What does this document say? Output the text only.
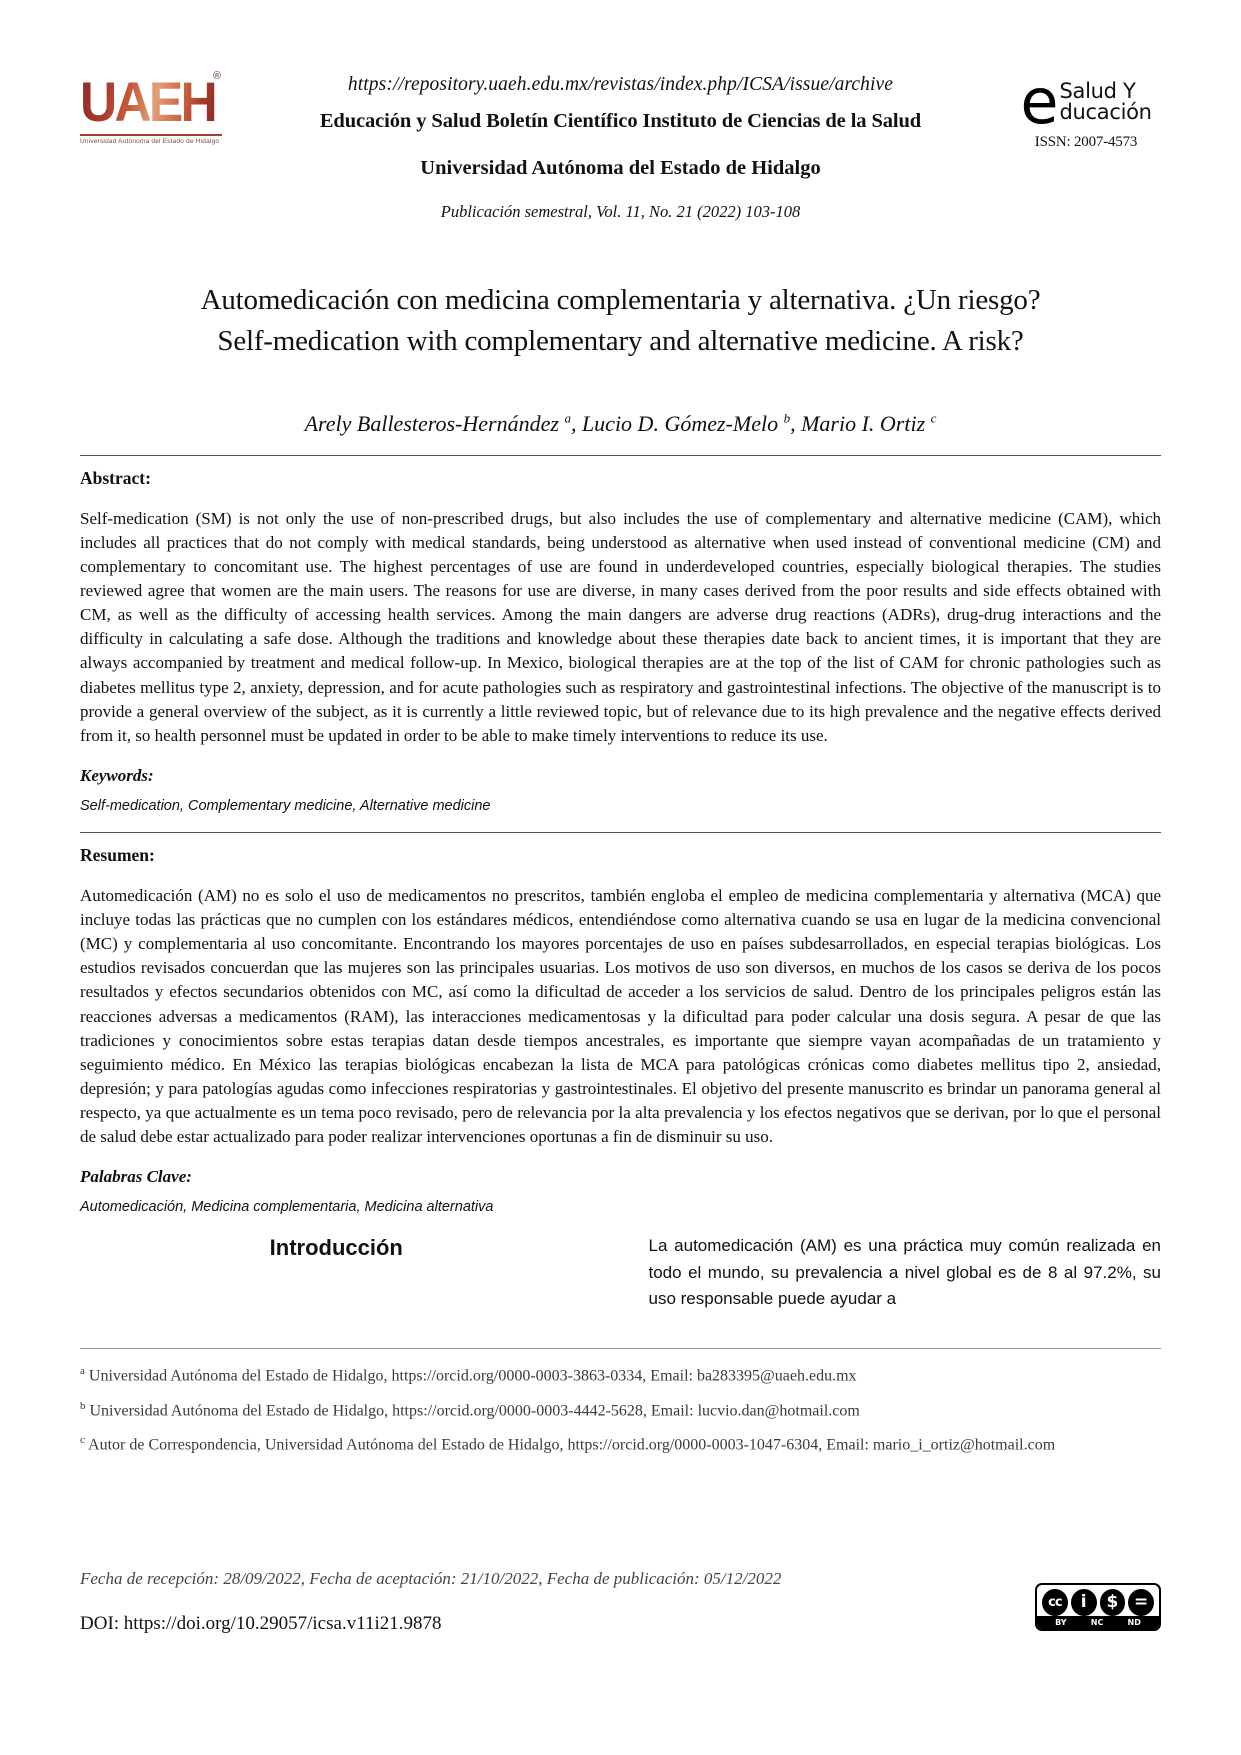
UAEH
®
Universidad Autónoma del Estado de Hidalgo
https://repository.uaeh.edu.mx/revistas/index.php/ICSA/issue/archive
Educación y Salud Boletín Científico Instituto de Ciencias de la Salud
Universidad Autónoma del Estado de Hidalgo
Publicación semestral, Vol. 11, No. 21 (2022) 103-108
e Salud Y
ducación
ISSN: 2007-4573
Automedicación con medicina complementaria y alternativa. ¿Un riesgo?
Self-medication with complementary and alternative medicine. A risk?
Arely Ballesteros-Hernández $^a$, Lucio D. Gómez-Melo $^b$, Mario I. Ortiz $^c$
Abstract:
Self-medication (SM) is not only the use of non-prescribed drugs, but also includes the use of complementary and alternative medicine (CAM), which includes all practices that do not comply with medical standards, being understood as alternative when used instead of conventional medicine (CM) and complementary to concomitant use. The highest percentages of use are found in underdeveloped countries, especially biological therapies. The studies reviewed agree that women are the main users. The reasons for use are diverse, in many cases derived from the poor results and side effects obtained with CM, as well as the difficulty of accessing health services. Among the main dangers are adverse drug reactions (ADRs), drug-drug interactions and the difficulty in calculating a safe dose. Although the traditions and knowledge about these therapies date back to ancient times, it is important that they are always accompanied by treatment and medical follow-up. In Mexico, biological therapies are at the top of the list of CAM for chronic pathologies such as diabetes mellitus type 2, anxiety, depression, and for acute pathologies such as respiratory and gastrointestinal infections. The objective of the manuscript is to provide a general overview of the subject, as it is currently a little reviewed topic, but of relevance due to its high prevalence and the negative effects derived from it, so health personnel must be updated in order to be able to make timely interventions to reduce its use.
Keywords:
Self-medication, Complementary medicine, Alternative medicine
Resumen:
Automedicación (AM) no es solo el uso de medicamentos no prescritos, también engloba el empleo de medicina complementaria y alternativa (MCA) que incluye todas las prácticas que no cumplen con los estándares médicos, entendiéndose como alternativa cuando se usa en lugar de la medicina convencional (MC) y complementaria al uso concomitante. Encontrando los mayores porcentajes de uso en países subdesarrollados, en especial terapias biológicas. Los estudios revisados concuerdan que las mujeres son las principales usuarias. Los motivos de uso son diversos, en muchos de los casos se deriva de los pocos resultados y efectos secundarios obtenidos con MC, así como la dificultad de acceder a los servicios de salud. Dentro de los principales peligros están las reacciones adversas a medicamentos (RAM), las interacciones medicamentosas y la dificultad para poder calcular una dosis segura. A pesar de que las tradiciones y conocimientos sobre estas terapias datan desde tiempos ancestrales, es importante que siempre vayan acompañadas de un tratamiento y seguimiento médico. En México las terapias biológicas encabezan la lista de MCA para patológicas crónicas como diabetes mellitus tipo 2, ansiedad, depresión; y para patologías agudas como infecciones respiratorias y gastrointestinales. El objetivo del presente manuscrito es brindar un panorama general al respecto, ya que actualmente es un tema poco revisado, pero de relevancia por la alta prevalencia y los efectos negativos que se derivan, por lo que el personal de salud debe estar actualizado para poder realizar intervenciones oportunas a fin de disminuir su uso.
Palabras Clave:
Automedicación, Medicina complementaria, Medicina alternativa
Introducción	La automedicación (AM) es una práctica muy común realizada en todo el mundo, su prevalencia a nivel global es de 8 al 97.2%, su uso responsable puede ayudar a
$^a$ Universidad Autónoma del Estado de Hidalgo, https://orcid.org/0000-0003-3863-0334, Email: ba283395@uaeh.edu.mx
$^b$ Universidad Autónoma del Estado de Hidalgo, https://orcid.org/0000-0003-4442-5628, Email: lucvio.dan@hotmail.com
$^c$ Autor de Correspondencia, Universidad Autónoma del Estado de Hidalgo, https://orcid.org/0000-0003-1047-6304, Email: mario_i_ortiz@hotmail.com
Fecha de recepción: 28/09/2022, Fecha de aceptación: 21/10/2022, Fecha de publicación: 05/12/2022
DOI: https://doi.org/10.29057/icsa.v11i21.9878
cc	i	$ =
BY	NC	ND
